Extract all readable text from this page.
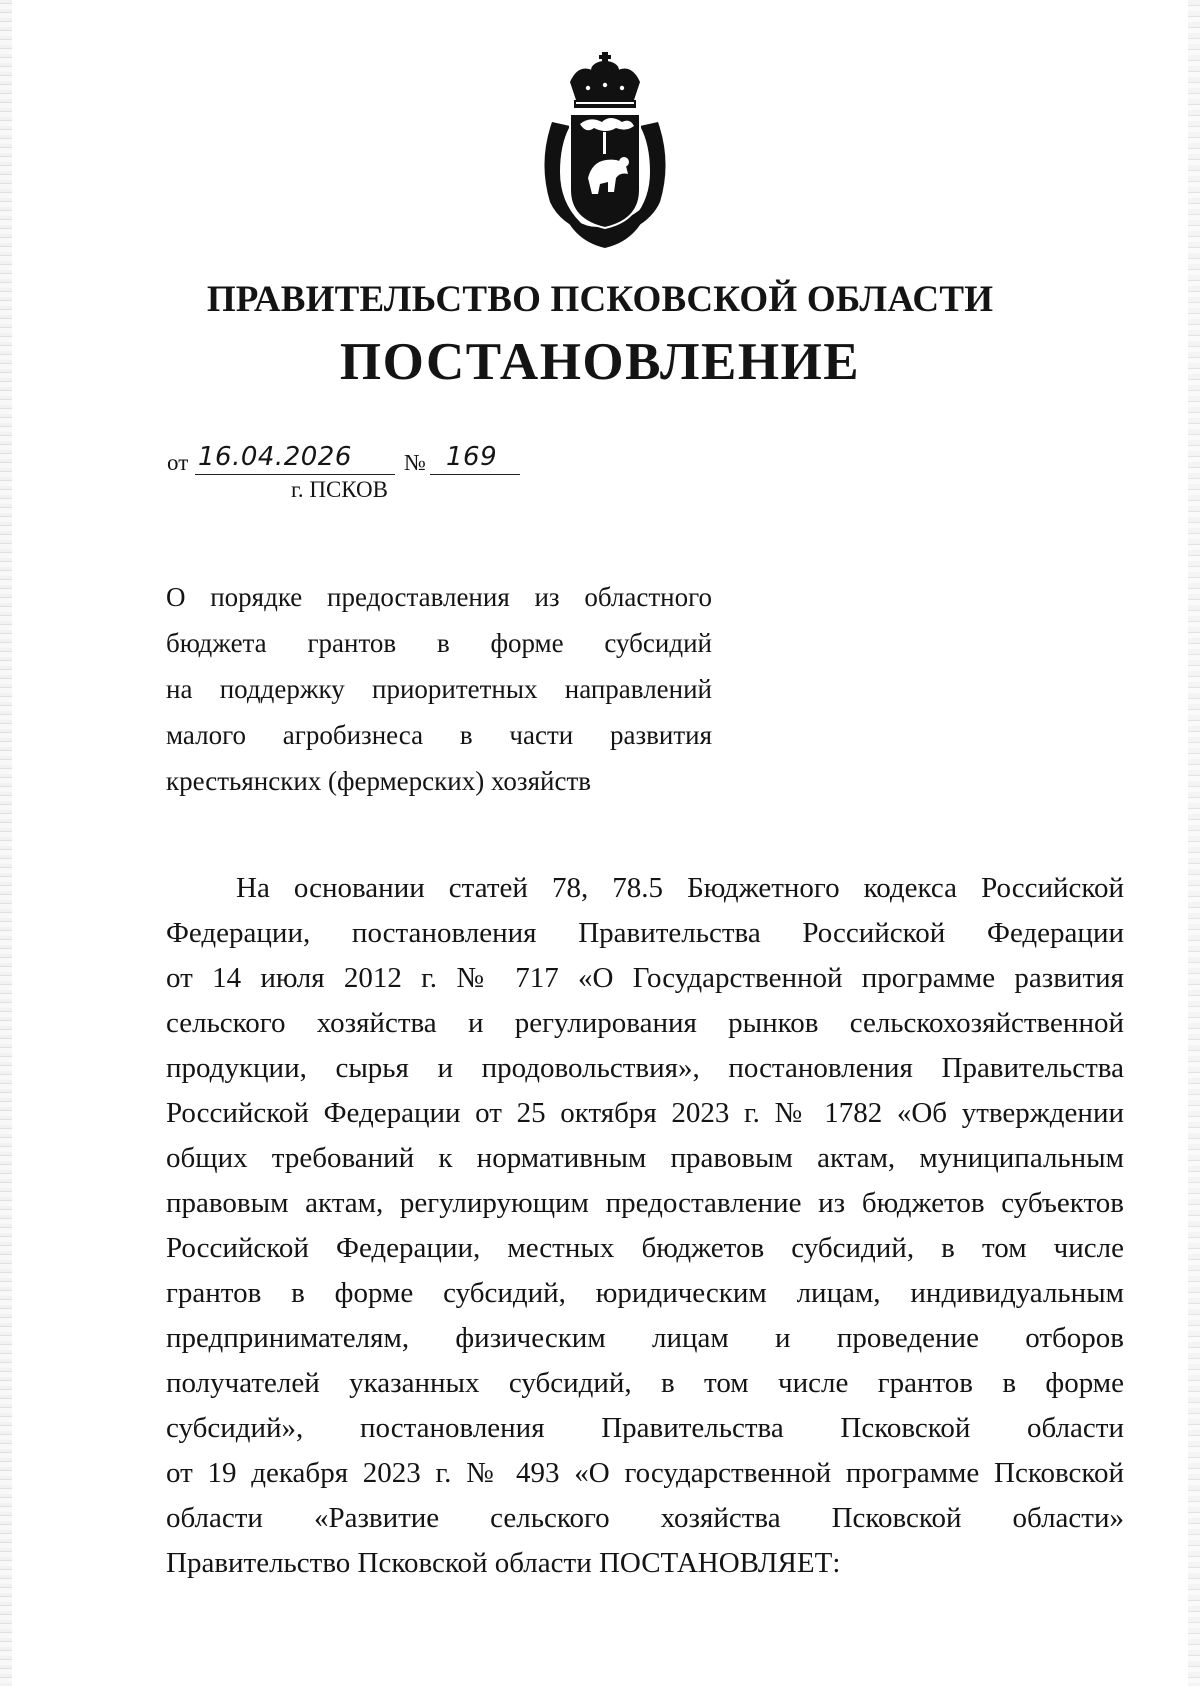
ПРАВИТЕЛЬСТВО ПСКОВСКОЙ ОБЛАСТИ
ПОСТАНОВЛЕНИЕ
от 16.04.2026 № 169
г. ПСКОВ
О порядке предоставления из областного
бюджета грантов в форме субсидий
на поддержку приоритетных направлений
малого агробизнеса в части развития
крестьянских (фермерских) хозяйств
На основании статей 78, 78.5 Бюджетного кодекса Российской
Федерации, постановления Правительства Российской Федерации
от 14 июля 2012 г. № 717 «О Государственной программе развития
сельского хозяйства и регулирования рынков сельскохозяйственной
продукции, сырья и продовольствия», постановления Правительства
Российской Федерации от 25 октября 2023 г. № 1782 «Об утверждении
общих требований к нормативным правовым актам, муниципальным
правовым актам, регулирующим предоставление из бюджетов субъектов
Российской Федерации, местных бюджетов субсидий, в том числе
грантов в форме субсидий, юридическим лицам, индивидуальным
предпринимателям, физическим лицам и проведение отборов
получателей указанных субсидий, в том числе грантов в форме
субсидий», постановления Правительства Псковской области
от 19 декабря 2023 г. № 493 «О государственной программе Псковской
области «Развитие сельского хозяйства Псковской области»
Правительство Псковской области ПОСТАНОВЛЯЕТ:
